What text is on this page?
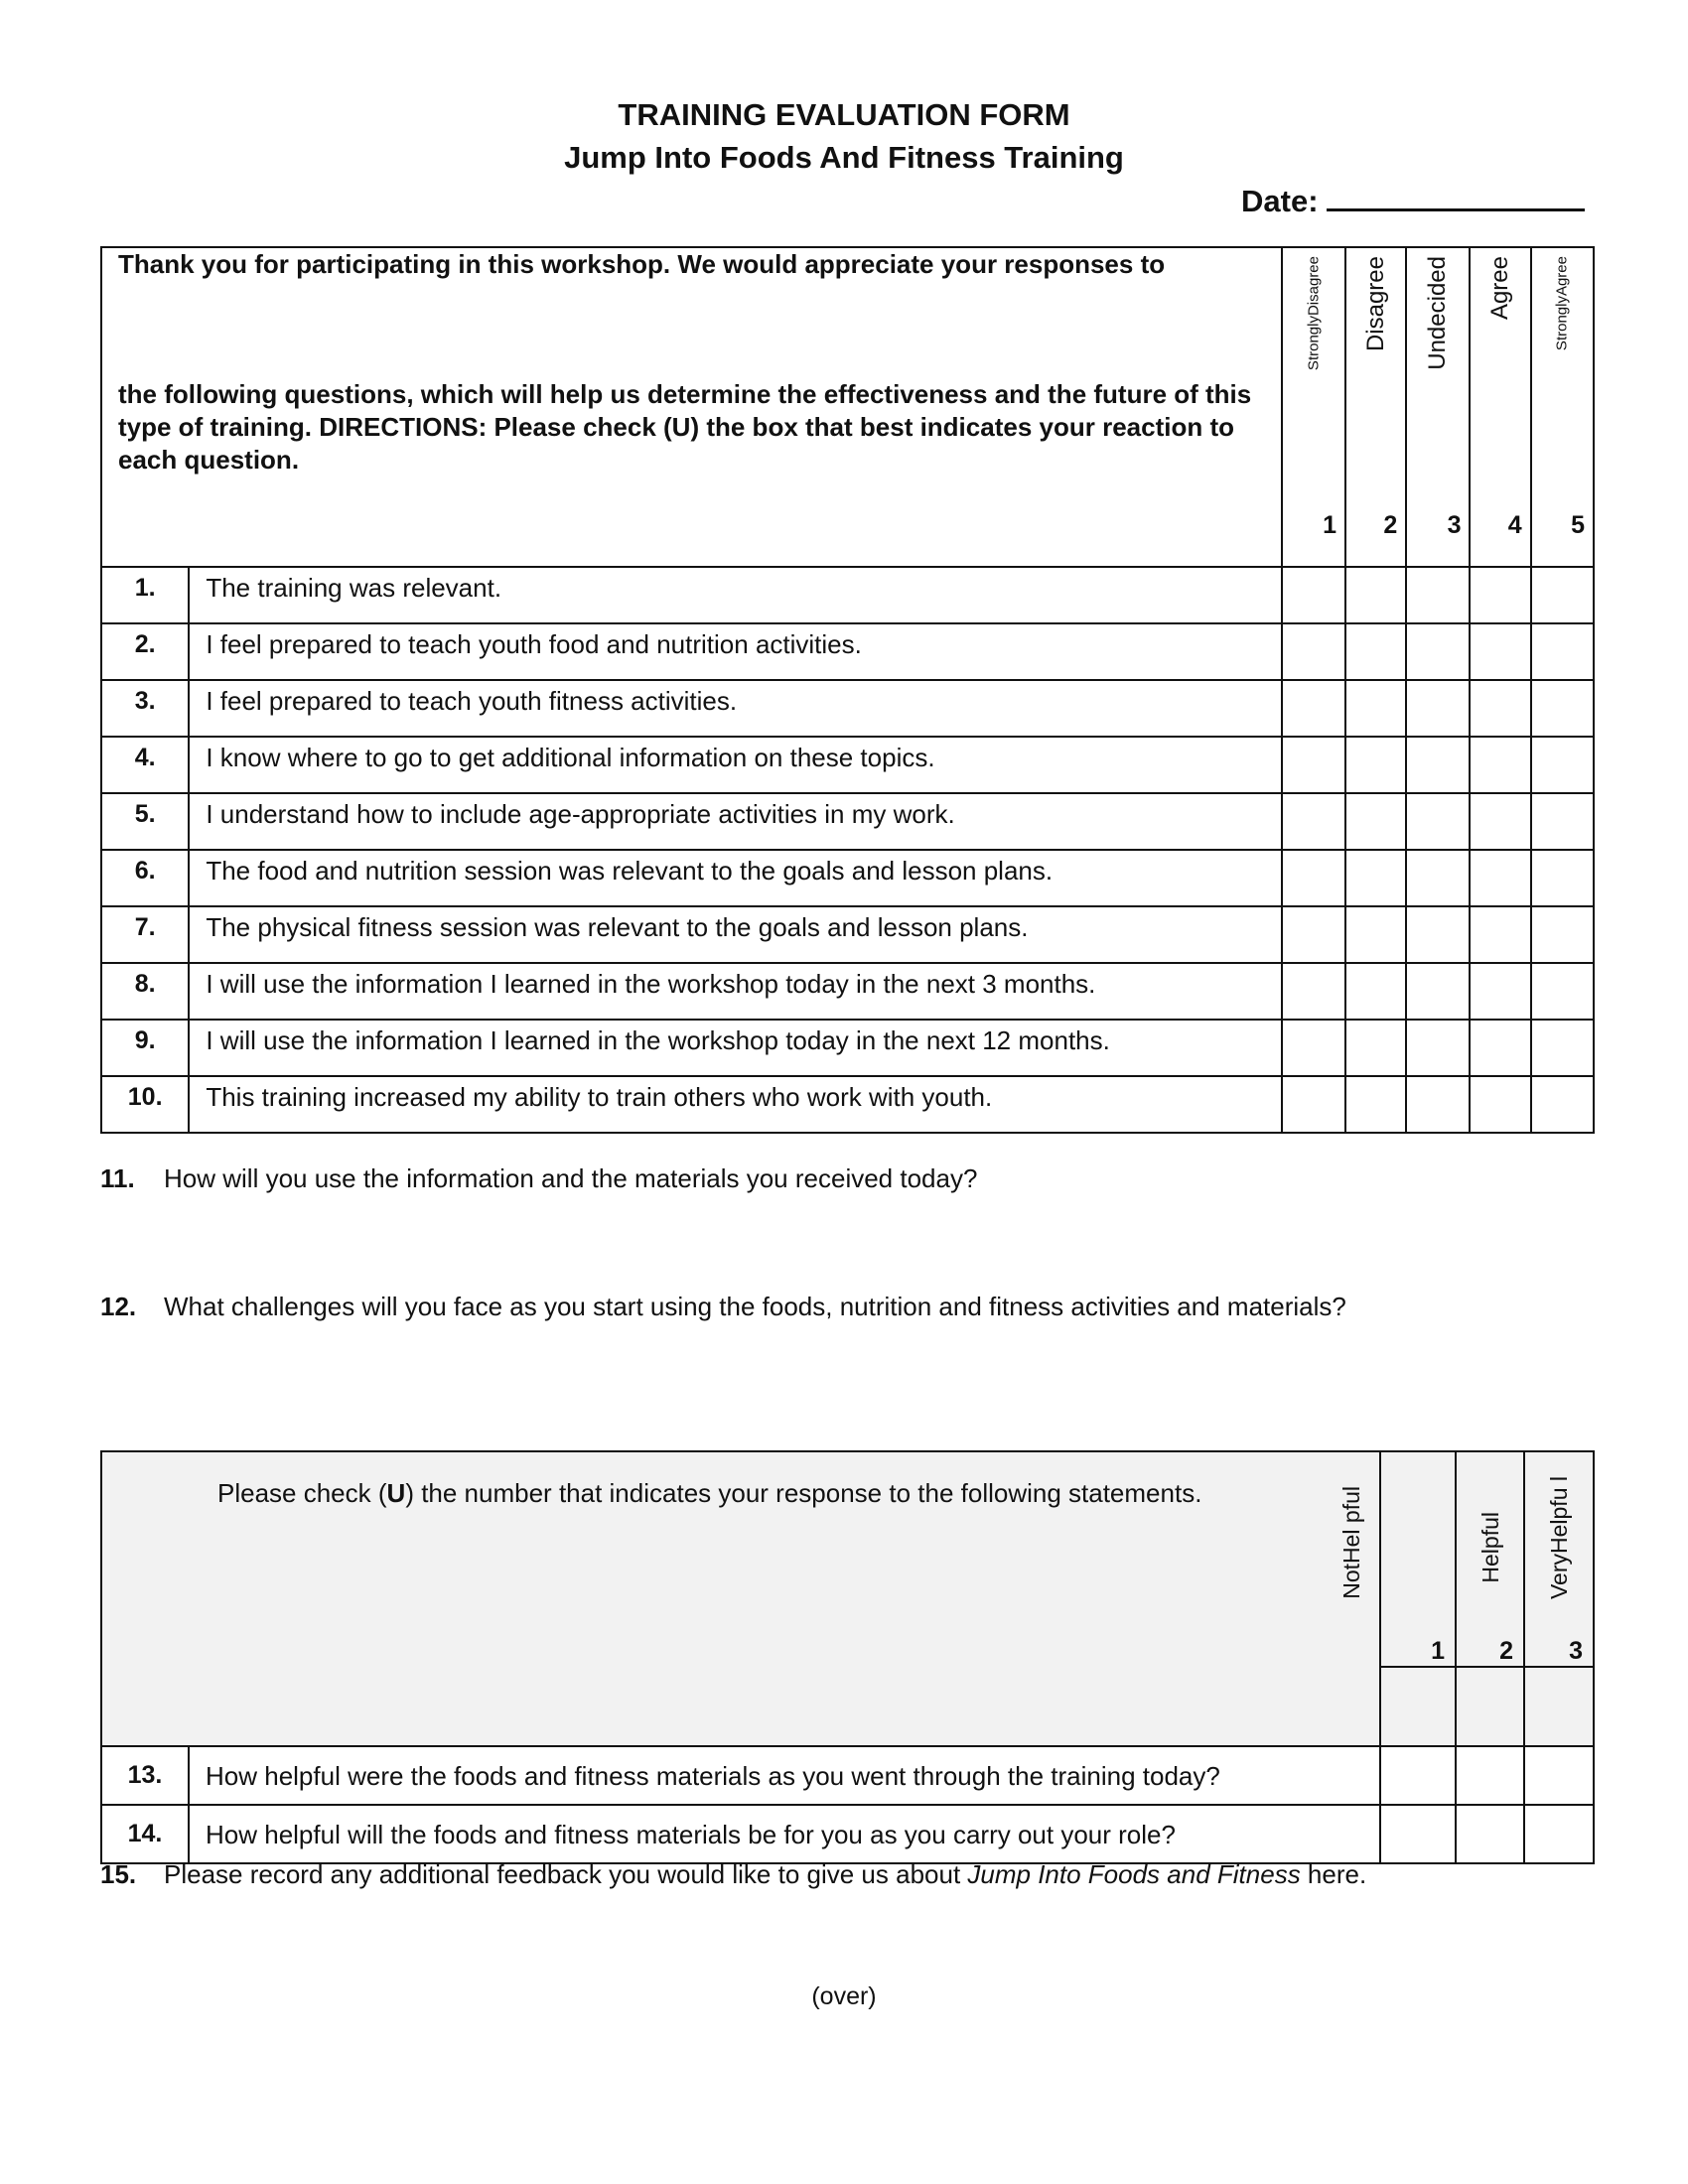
TRAINING EVALUATION FORM
Jump Into Foods And Fitness Training
Date:
Thank you for participating in this workshop. We would appreciate your responses to
the following questions, which will help us determine the effectiveness and the future of this type of training. DIRECTIONS: Please check (U) the box that best indicates your reaction to each question.		StronglyDisagree	Disagree	Undecided	Agree	StronglyAgree

		1	2	3	4	5
1.	The training was relevant.					
2.	I feel prepared to teach youth food and nutrition activities.					
3.	I feel prepared to teach youth fitness activities.					
4.	I know where to go to get additional information on these topics.					
5.	I understand how to include age-appropriate activities in my work.					
6.	The food and nutrition session was relevant to the goals and lesson plans.					
7.	The physical fitness session was relevant to the goals and lesson plans.					
8.	I will use the information I learned in the workshop today in the next 3 months.					
9.	I will use the information I learned in the workshop today in the next 12 months.					
10.	This training increased my ability to train others who work with youth.					
11. How will you use the information and the materials you received today?
12. What challenges will you face as you start using the foods, nutrition and fitness activities and materials?
Please check (U) the number that indicates your response to the following statements. NotHel pful			Helpful	VeryHelpfu l

		1	2	3

13.	How helpful were the foods and fitness materials as you went through the training today?			
14.	How helpful will the foods and fitness materials be for you as you carry out your role?			
15. Please record any additional feedback you would like to give us about Jump Into Foods and Fitness here.
(over)
